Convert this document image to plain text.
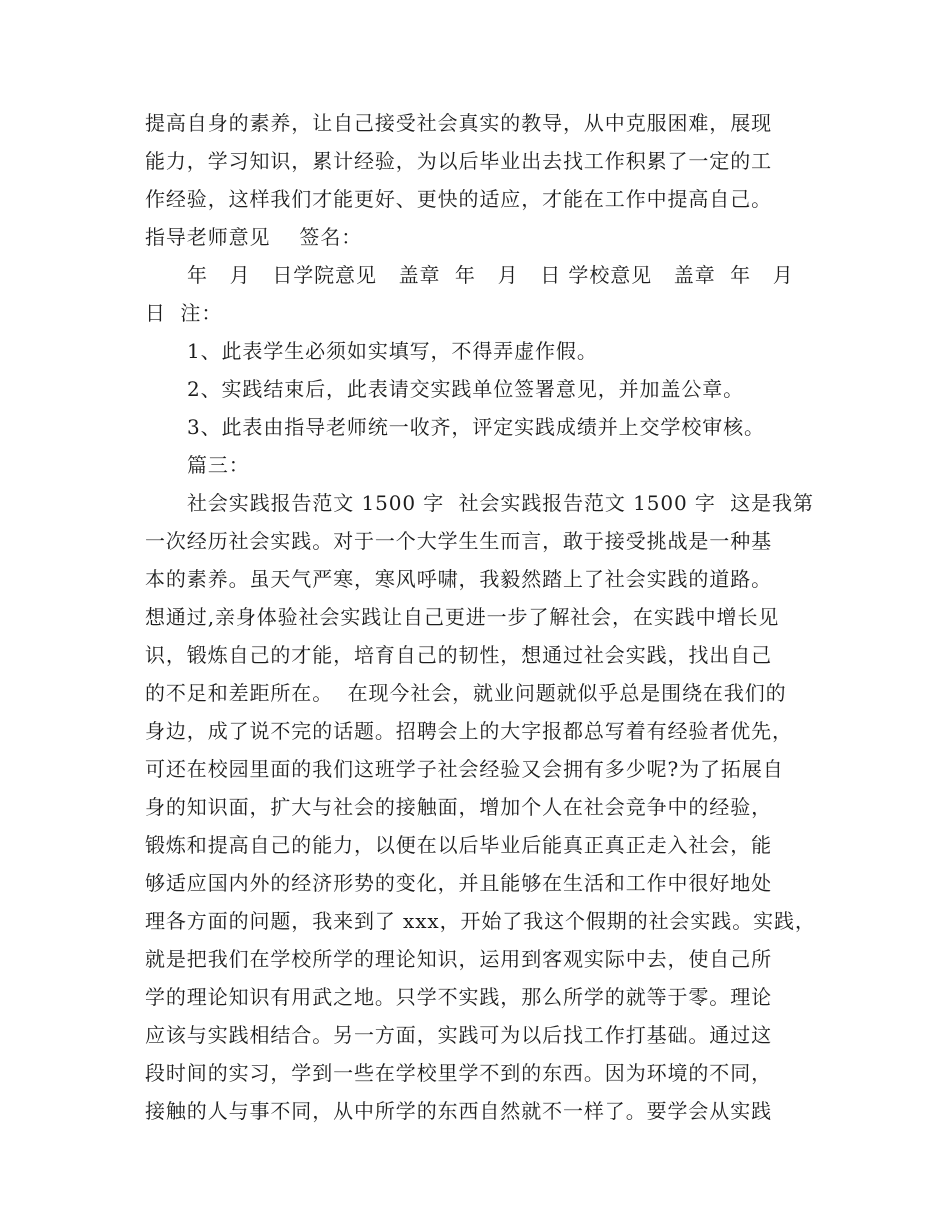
提高自身的素养，让自己接受社会真实的教导，从中克服困难，展现
能力，学习知识，累计经验，为以后毕业出去找工作积累了一定的工
作经验，这样我们才能更好、更快的适应，才能在工作中提高自己。
指导老师意见    签名：
年   月   日学院意见   盖章  年   月   日 学校意见   盖章  年   月
日  注：
1、此表学生必须如实填写，不得弄虚作假。
2、实践结束后，此表请交实践单位签署意见，并加盖公章。
3、此表由指导老师统一收齐，评定实践成绩并上交学校审核。
篇三：
社会实践报告范文 1500 字  社会实践报告范文 1500 字  这是我第
一次经历社会实践。对于一个大学生生而言，敢于接受挑战是一种基
本的素养。虽天气严寒，寒风呼啸，我毅然踏上了社会实践的道路。
想通过,亲身体验社会实践让自己更进一步了解社会，在实践中增长见
识，锻炼自己的才能，培育自己的韧性，想通过社会实践，找出自己
的不足和差距所在。  在现今社会，就业问题就似乎总是围绕在我们的
身边，成了说不完的话题。招聘会上的大字报都总写着有经验者优先，
可还在校园里面的我们这班学子社会经验又会拥有多少呢?为了拓展自
身的知识面，扩大与社会的接触面，增加个人在社会竞争中的经验，
锻炼和提高自己的能力，以便在以后毕业后能真正真正走入社会，能
够适应国内外的经济形势的变化，并且能够在生活和工作中很好地处
理各方面的问题，我来到了 xxx，开始了我这个假期的社会实践。实践，
就是把我们在学校所学的理论知识，运用到客观实际中去，使自己所
学的理论知识有用武之地。只学不实践，那么所学的就等于零。理论
应该与实践相结合。另一方面，实践可为以后找工作打基础。通过这
段时间的实习，学到一些在学校里学不到的东西。因为环境的不同，
接触的人与事不同，从中所学的东西自然就不一样了。要学会从实践
